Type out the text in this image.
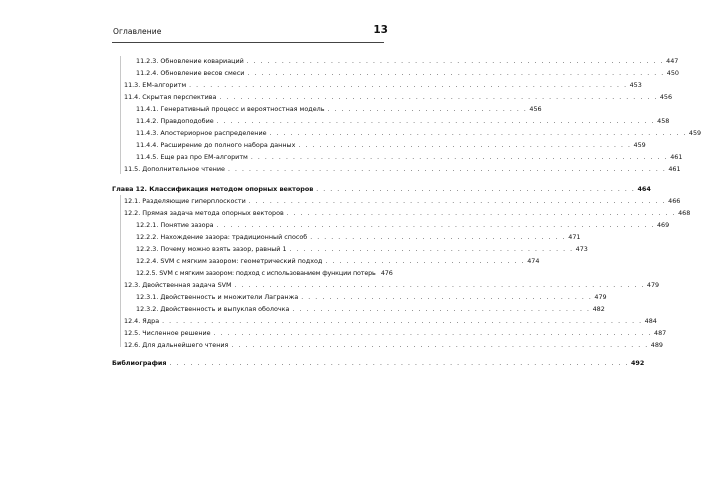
Оглавление	13
11.2.3. Обновление ковариаций . . . . . . . . . . . . . . . . . . . . . . . . . . . . . . . . . . . . . . . . . . . . . . . . . . . . . . . . . . . . 447
11.2.4. Обновление весов смеси . . . . . . . . . . . . . . . . . . . . . . . . . . . . . . . . . . . . . . . . . . . . . . . . . . . . . . . . . . . . 450
11.3. ЕМ-алгоритм . . . . . . . . . . . . . . . . . . . . . . . . . . . . . . . . . . . . . . . . . . . . . . . . . . . . . . . . . . . . . . . 453
11.4. Скрытая перспектива . . . . . . . . . . . . . . . . . . . . . . . . . . . . . . . . . . . . . . . . . . . . . . . . . . . . . . . . . . . . . . . 456
11.4.1. Генеративный процесс и вероятностная модель . . . . . . . . . . . . . . . . . . . . . . . . . . . . . 456
11.4.2. Правдоподобие . . . . . . . . . . . . . . . . . . . . . . . . . . . . . . . . . . . . . . . . . . . . . . . . . . . . . . . . . . . . . . . 458
11.4.3. Апостериорное распределение . . . . . . . . . . . . . . . . . . . . . . . . . . . . . . . . . . . . . . . . . . . . . . . . . . . . . . . . . . . . 459
11.4.4. Расширение до полного набора данных . . . . . . . . . . . . . . . . . . . . . . . . . . . . . . . . . . . . . . . . . . . . . . . . 459
11.4.5. Еще раз про ЕМ-алгоритм . . . . . . . . . . . . . . . . . . . . . . . . . . . . . . . . . . . . . . . . . . . . . . . . . . . . . . . . . . . . 461
11.5. Дополнительное чтение . . . . . . . . . . . . . . . . . . . . . . . . . . . . . . . . . . . . . . . . . . . . . . . . . . . . . . . . . . . . . . . 461
Глава 12. Классификация методом опорных векторов . . . . . . . . . . . . . . . . . . . . . . . . . . . . . . . . . . . . . . . . . . . . . . 464
12.1. Разделяющие гиперплоскости . . . . . . . . . . . . . . . . . . . . . . . . . . . . . . . . . . . . . . . . . . . . . . . . . . . . . . . . . . . . 466
12.2. Прямая задача метода опорных векторов . . . . . . . . . . . . . . . . . . . . . . . . . . . . . . . . . . . . . . . . . . . . . . . . . . . . . . . . 468
12.2.1. Понятие зазора . . . . . . . . . . . . . . . . . . . . . . . . . . . . . . . . . . . . . . . . . . . . . . . . . . . . . . . . . . . . . . . 469
12.2.2. Нахождение зазора: традиционный способ . . . . . . . . . . . . . . . . . . . . . . . . . . . . . . . . . . . . . 471
12.2.3. Почему можно взять зазор, равный 1 . . . . . . . . . . . . . . . . . . . . . . . . . . . . . . . . . . . . . . . . . 473
12.2.4. SVM с мягким зазором: геометрический подход . . . . . . . . . . . . . . . . . . . . . . . . . . . . . 474
12.2.5. SVM с мягким зазором: подход с использованием функции потерь 476
12.3. Двойственная задача SVM . . . . . . . . . . . . . . . . . . . . . . . . . . . . . . . . . . . . . . . . . . . . . . . . . . . . . . . . . . . 479
12.3.1. Двойственность и множители Лагранжа . . . . . . . . . . . . . . . . . . . . . . . . . . . . . . . . . . . . . . . . . . 479
12.3.2. Двойственность и выпуклая оболочка . . . . . . . . . . . . . . . . . . . . . . . . . . . . . . . . . . . . . . . . . . . 482
12.4. Ядра . . . . . . . . . . . . . . . . . . . . . . . . . . . . . . . . . . . . . . . . . . . . . . . . . . . . . . . . . . . . . . . . . . . . . 484
12.5. Численное решение . . . . . . . . . . . . . . . . . . . . . . . . . . . . . . . . . . . . . . . . . . . . . . . . . . . . . . . . . . . . . . . 487
12.6. Для дальнейшего чтения . . . . . . . . . . . . . . . . . . . . . . . . . . . . . . . . . . . . . . . . . . . . . . . . . . . . . . . . . . . . 489
Библиография . . . . . . . . . . . . . . . . . . . . . . . . . . . . . . . . . . . . . . . . . . . . . . . . . . . . . . . . . . . . . . . . . . 492
